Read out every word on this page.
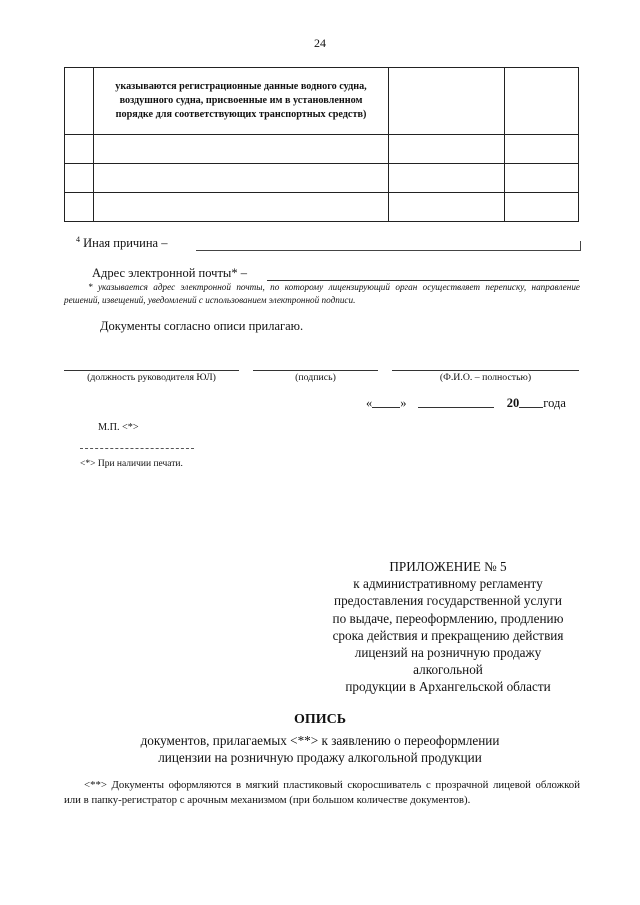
24
	указываются регистрационные данные водного судна, воздушного судна, присвоенные им в установленном порядке для соответствующих транспортных средств)		

$^4$ Иная причина –
Адрес электронной почты* –
* указывается адрес электронной почты, по которому лицензирующий орган осуществляет переписку, направление решений, извещений, уведомлений с использованием электронной подписи.
Документы согласно описи прилагаю.
(должность руководителя ЮЛ)	(подпись)	(Ф.И.О. – полностью)
« »	20 года
М.П. <*>
<*> При наличии печати.
ПРИЛОЖЕНИЕ № 5
к административному регламенту
предоставления государственной услуги
по выдаче, переоформлению, продлению
срока действия и прекращению действия
лицензий на розничную продажу
алкогольной
продукции в Архангельской области
ОПИСЬ
документов, прилагаемых <**> к заявлению о переоформлении
лицензии на розничную продажу алкогольной продукции
<**> Документы оформляются в мягкий пластиковый скоросшиватель с прозрачной лицевой обложкой или в папку-регистратор с арочным механизмом (при большом количестве документов).
